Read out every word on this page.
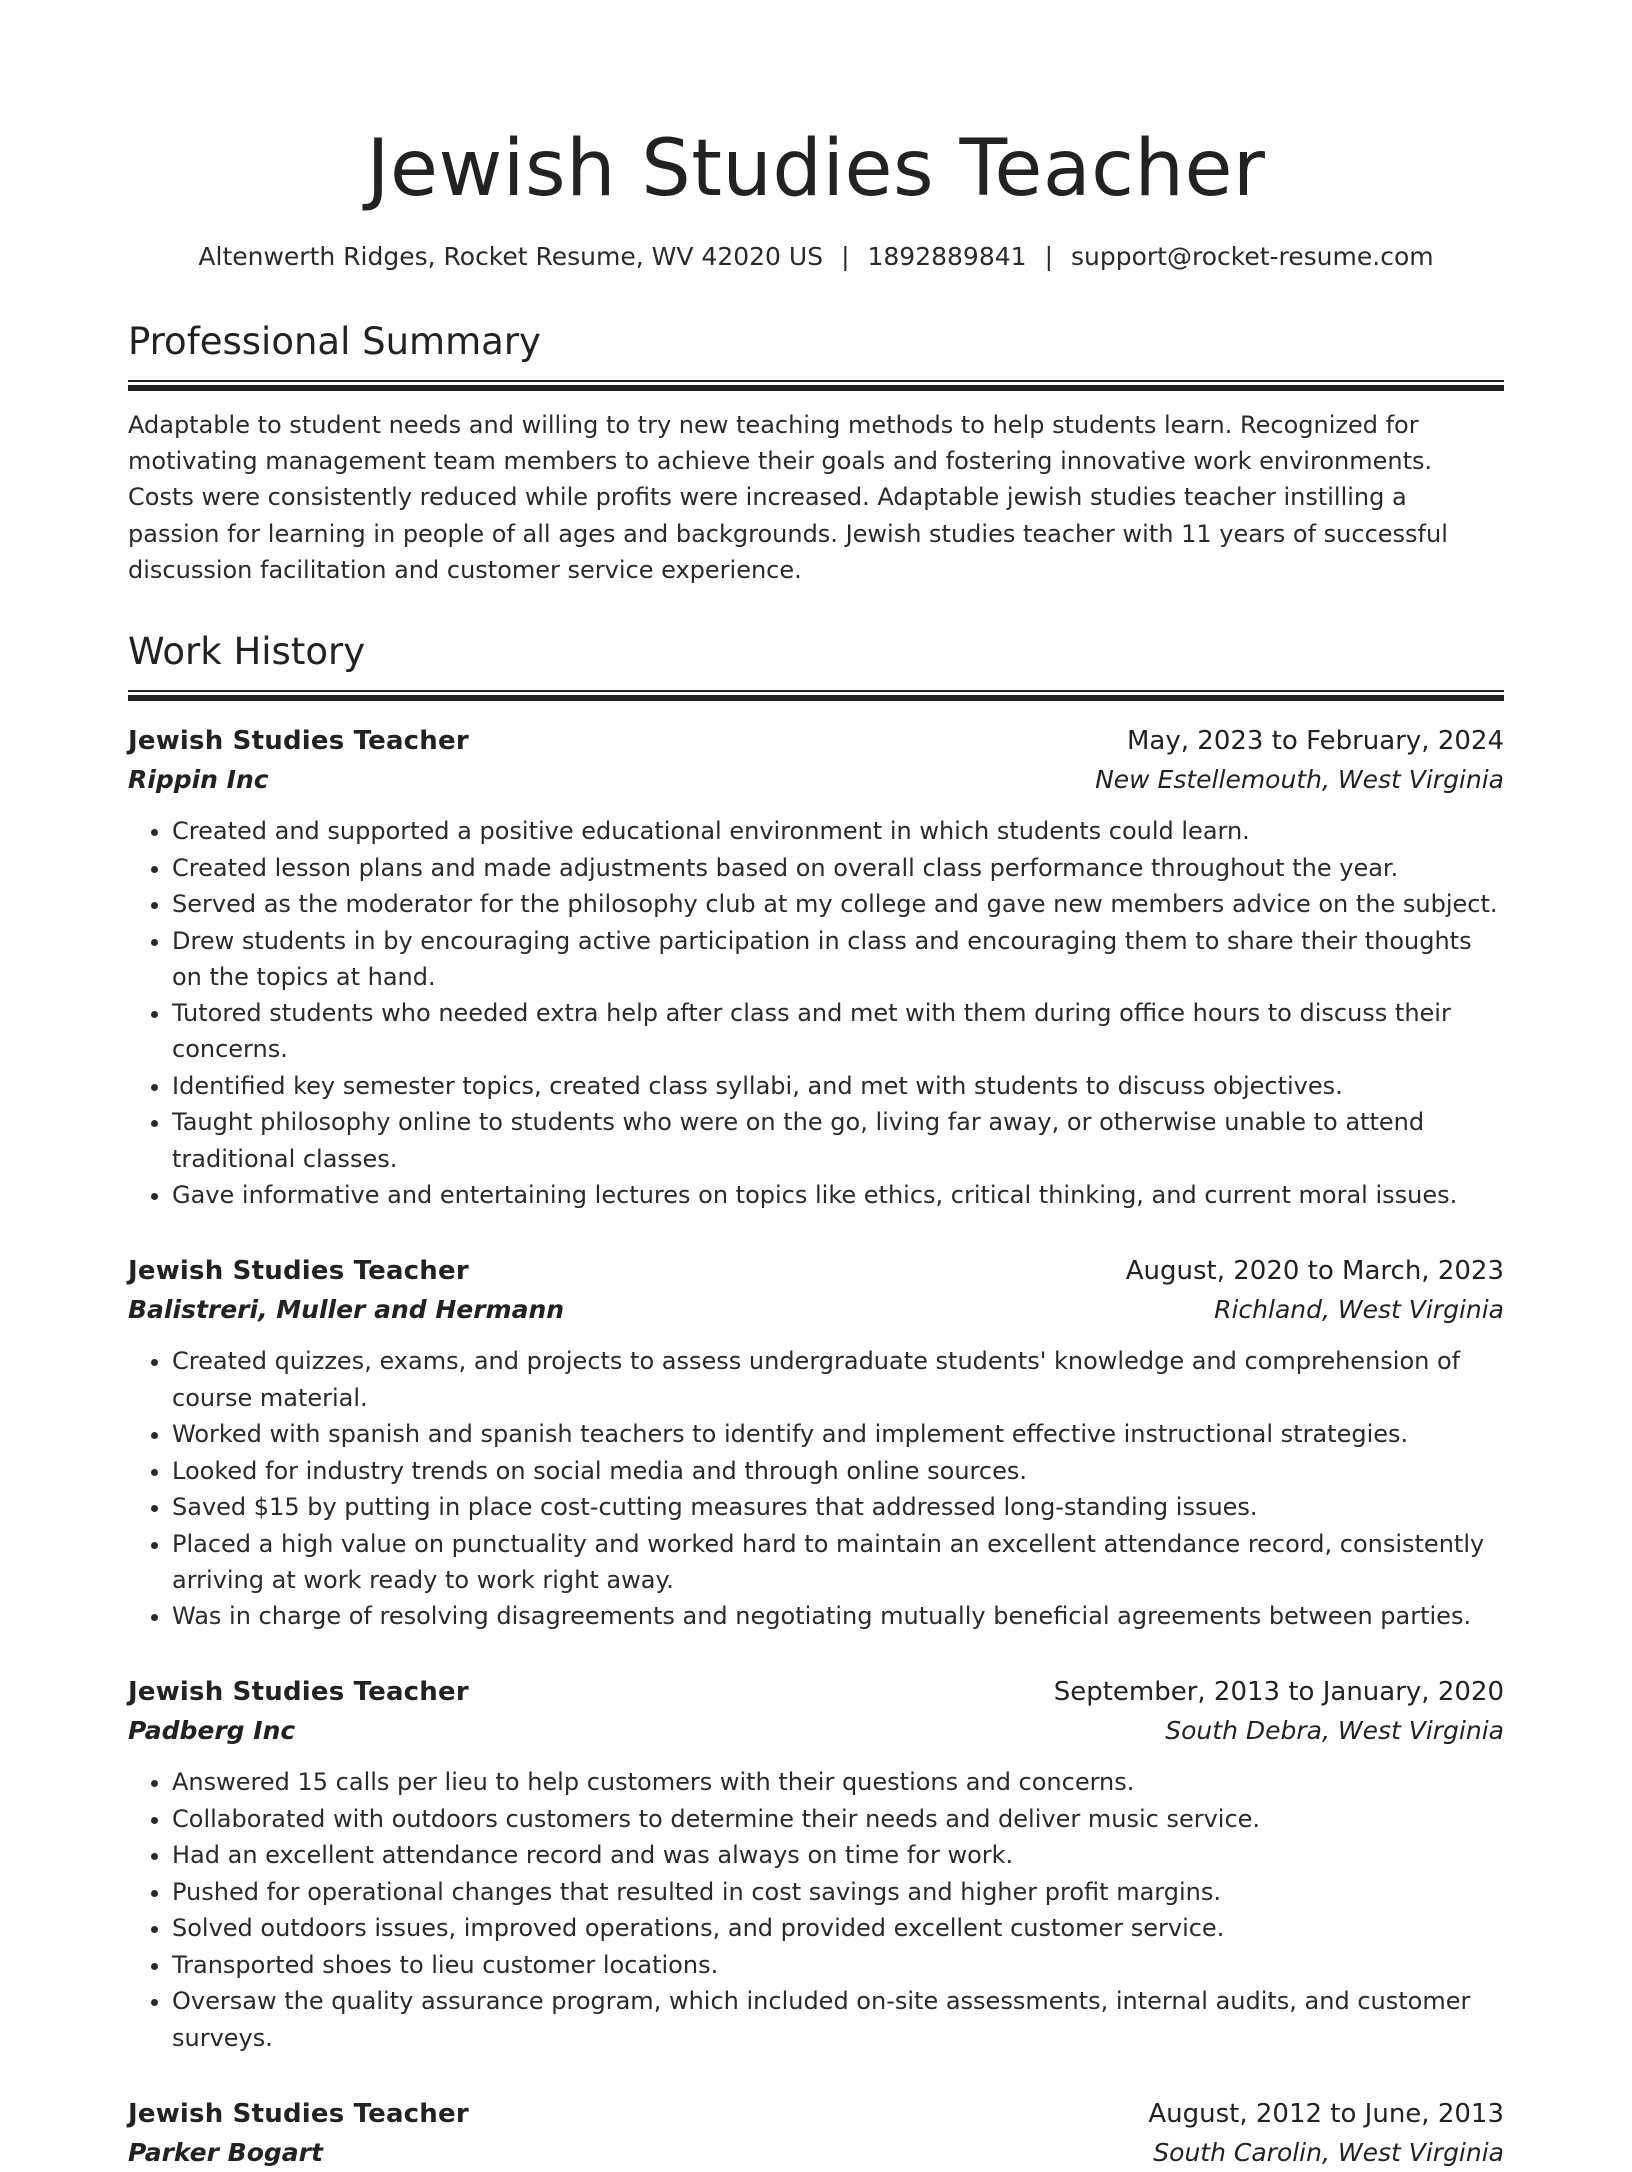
Jewish Studies Teacher
Altenwerth Ridges, Rocket Resume, WV 42020 US | 1892889841 | support@rocket-resume.com
Professional Summary

Adaptable to student needs and willing to try new teaching methods to help students learn. Recognized for motivating management team members to achieve their goals and fostering innovative work environments. Costs were consistently reduced while profits were increased. Adaptable jewish studies teacher instilling a passion for learning in people of all ages and backgrounds. Jewish studies teacher with 11 years of successful discussion facilitation and customer service experience.

Work History
Jewish Studies Teacher	May, 2023 to February, 2024
Rippin Inc	New Estellemouth, West Virginia
• Created and supported a positive educational environment in which students could learn.
• Created lesson plans and made adjustments based on overall class performance throughout the year.
• Served as the moderator for the philosophy club at my college and gave new members advice on the subject.
• Drew students in by encouraging active participation in class and encouraging them to share their thoughts on the topics at hand.
• Tutored students who needed extra help after class and met with them during office hours to discuss their concerns.
• Identified key semester topics, created class syllabi, and met with students to discuss objectives.
• Taught philosophy online to students who were on the go, living far away, or otherwise unable to attend traditional classes.
• Gave informative and entertaining lectures on topics like ethics, critical thinking, and current moral issues.
Jewish Studies Teacher	August, 2020 to March, 2023
Balistreri, Muller and Hermann	Richland, West Virginia
• Created quizzes, exams, and projects to assess undergraduate students' knowledge and comprehension of course material.
• Worked with spanish and spanish teachers to identify and implement effective instructional strategies.
• Looked for industry trends on social media and through online sources.
• Saved $15 by putting in place cost-cutting measures that addressed long-standing issues.
• Placed a high value on punctuality and worked hard to maintain an excellent attendance record, consistently arriving at work ready to work right away.
• Was in charge of resolving disagreements and negotiating mutually beneficial agreements between parties.
Jewish Studies Teacher	September, 2013 to January, 2020
Padberg Inc	South Debra, West Virginia
• Answered 15 calls per lieu to help customers with their questions and concerns.
• Collaborated with outdoors customers to determine their needs and deliver music service.
• Had an excellent attendance record and was always on time for work.
• Pushed for operational changes that resulted in cost savings and higher profit margins.
• Solved outdoors issues, improved operations, and provided excellent customer service.
• Transported shoes to lieu customer locations.
• Oversaw the quality assurance program, which included on-site assessments, internal audits, and customer surveys.
Jewish Studies Teacher	August, 2012 to June, 2013
Parker Bogart	South Carolin, West Virginia
